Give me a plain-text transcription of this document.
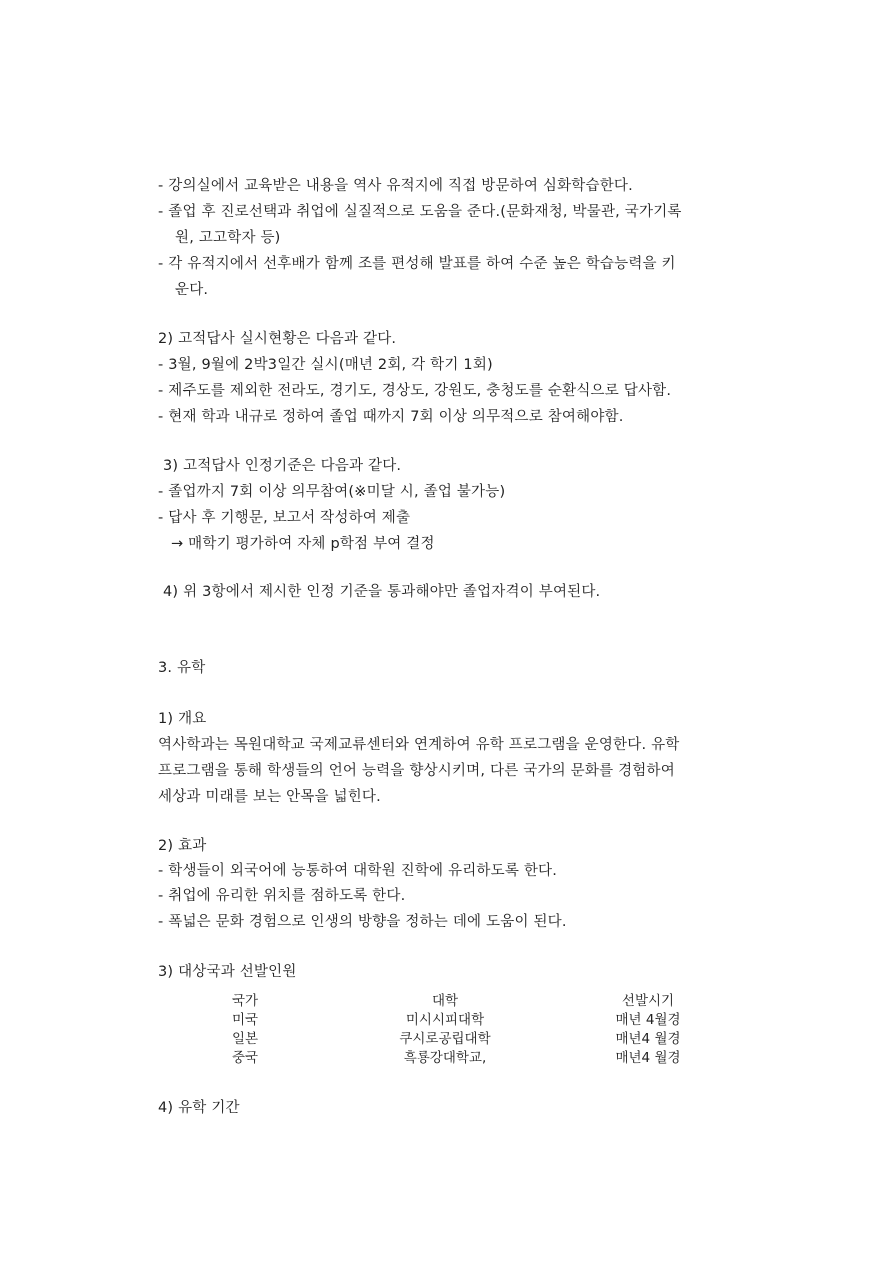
- 강의실에서 교육받은 내용을 역사 유적지에 직접 방문하여 심화학습한다.
- 졸업 후 진로선택과 취업에 실질적으로 도움을 준다.(문화재청, 박물관, 국가기록
원, 고고학자 등)
- 각 유적지에서 선후배가 함께 조를 편성해 발표를 하여 수준 높은 학습능력을 키
운다.
2) 고적답사 실시현황은 다음과 같다.
- 3월, 9월에 2박3일간 실시(매년 2회, 각 학기 1회)
- 제주도를 제외한 전라도, 경기도, 경상도, 강원도, 충청도를 순환식으로 답사함.
- 현재 학과 내규로 정하여 졸업 때까지 7회 이상 의무적으로 참여해야함.
3) 고적답사 인정기준은 다음과 같다.
- 졸업까지 7회 이상 의무참여(※미달 시, 졸업 불가능)
- 답사 후 기행문, 보고서 작성하여 제출
→ 매학기 평가하여 자체 p학점 부여 결정
4) 위 3항에서 제시한 인정 기준을 통과해야만 졸업자격이 부여된다.
3. 유학
1) 개요
역사학과는 목원대학교 국제교류센터와 연계하여 유학 프로그램을 운영한다. 유학
프로그램을 통해 학생들의 언어 능력을 향상시키며, 다른 국가의 문화를 경험하여
세상과 미래를 보는 안목을 넓힌다.
2) 효과
- 학생들이 외국어에 능통하여 대학원 진학에 유리하도록 한다.
- 취업에 유리한 위치를 점하도록 한다.
- 폭넓은 문화 경험으로 인생의 방향을 정하는 데에 도움이 된다.
3) 대상국과 선발인원
국가	대학	선발시기
미국	미시시피대학	매년 4월경
일본	쿠시로공립대학	매년4 월경
중국	흑룡강대학교,	매년4 월경
4) 유학 기간
